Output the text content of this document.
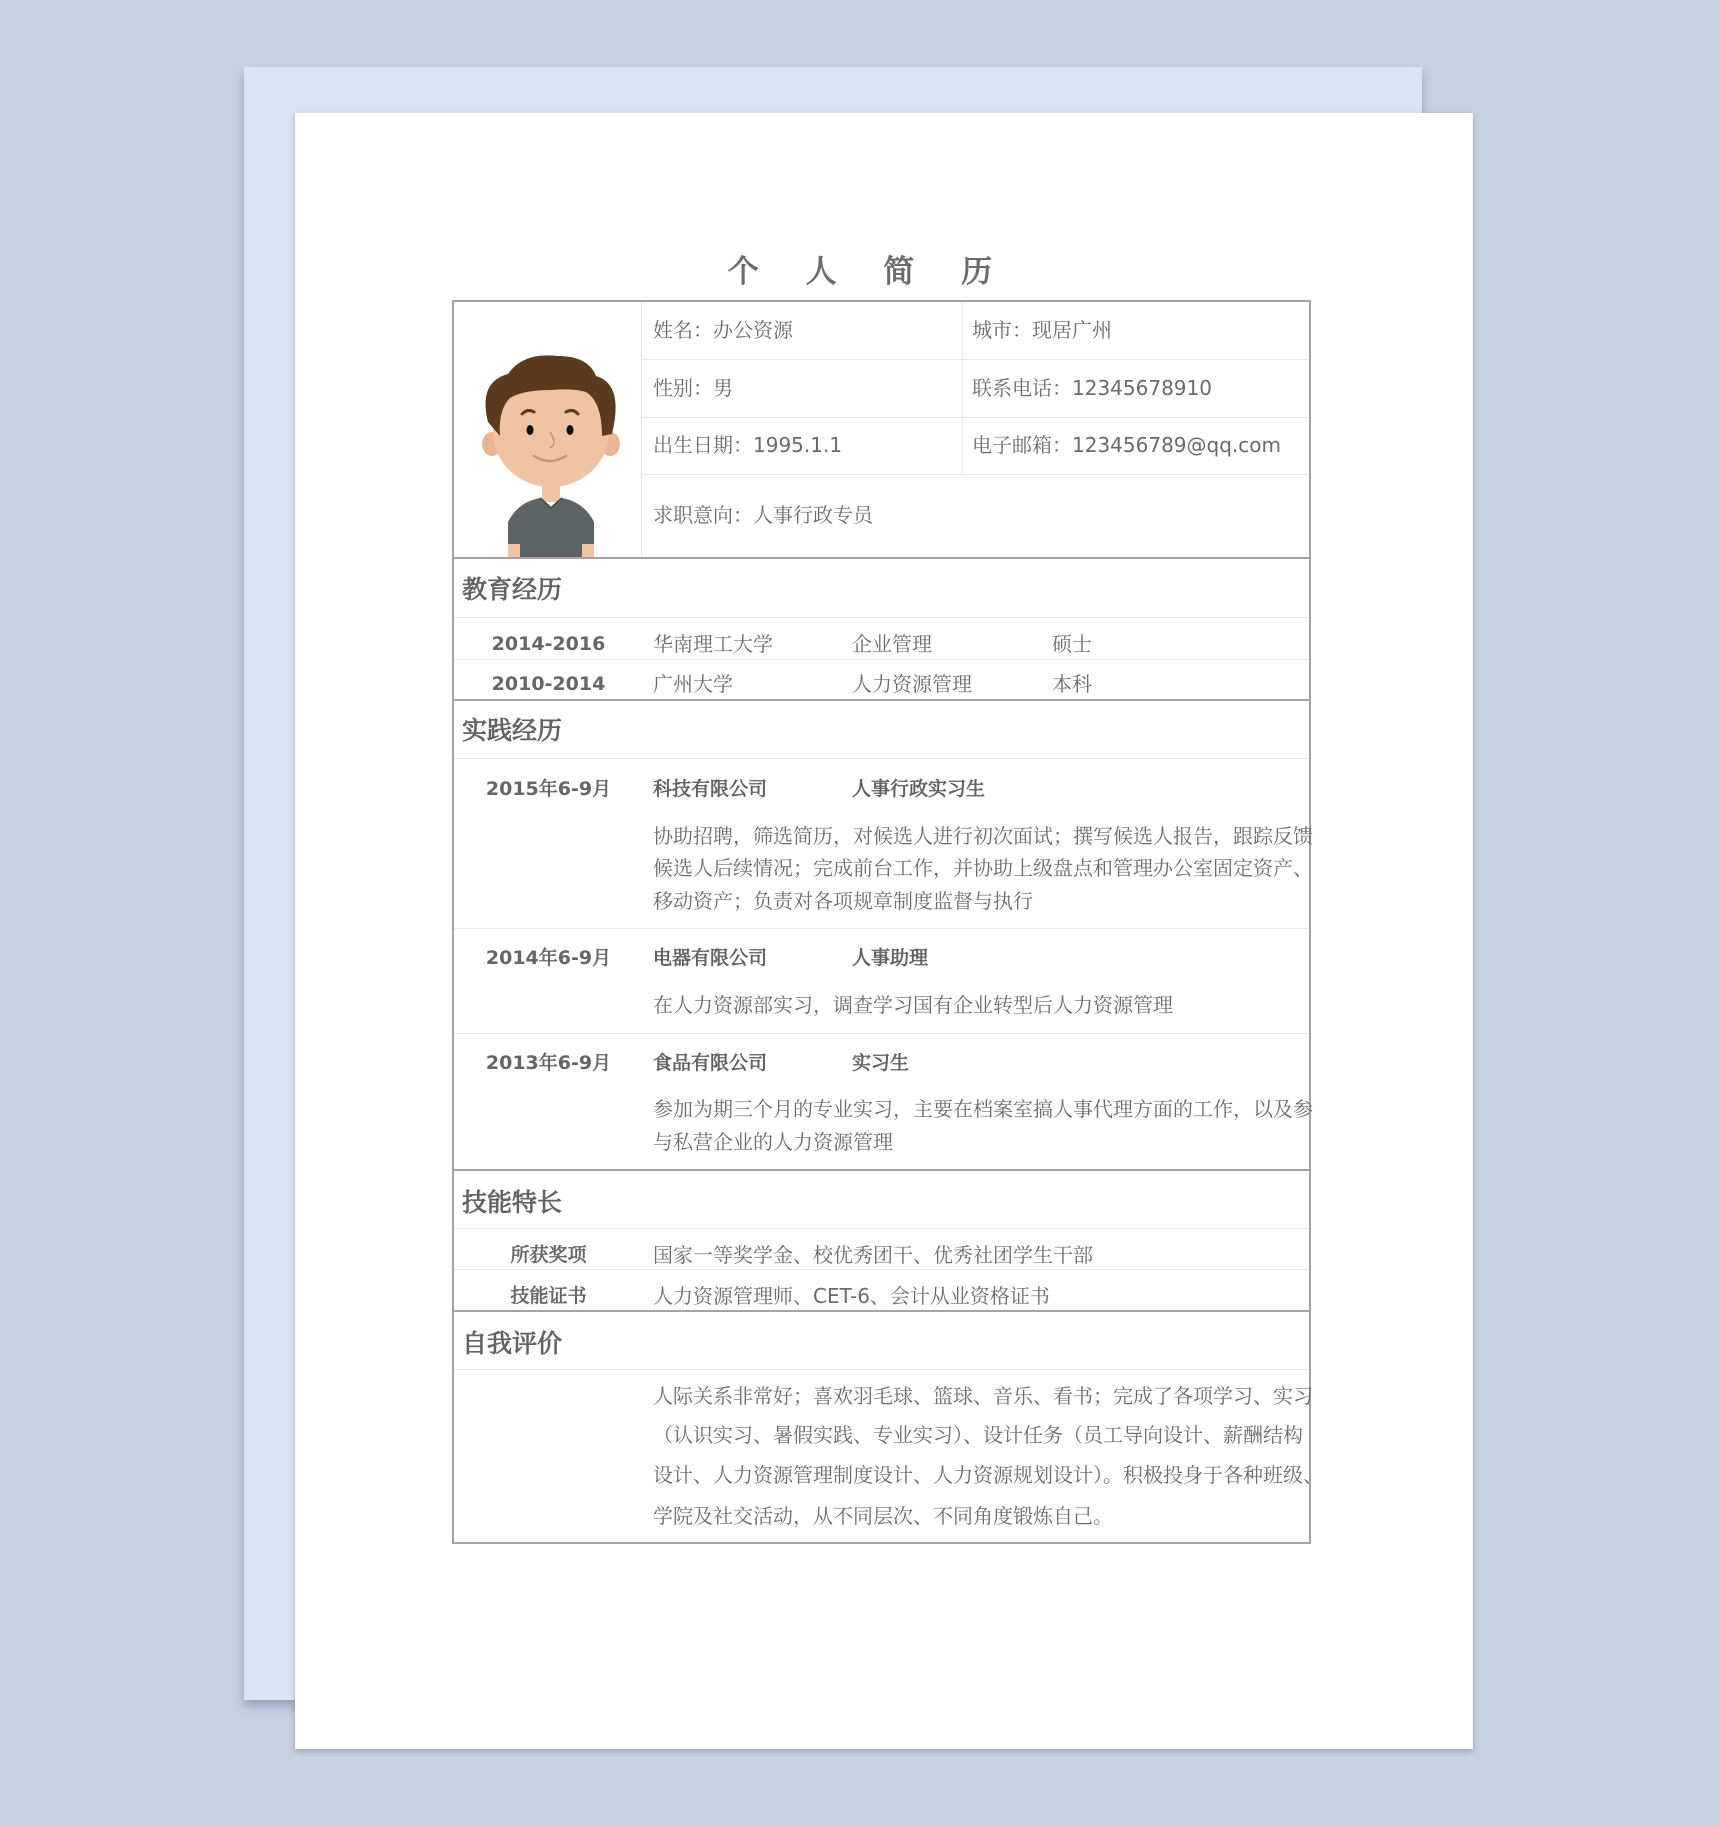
个 人 简 历
姓名：办公资源	城市：现居广州
性别：男	联系电话：12345678910
出生日期：1995.1.1	电子邮箱：123456789@qq.com
求职意向：人事行政专员
教育经历
2014-2016	华南理工大学	企业管理	硕士
2010-2014	广州大学	人力资源管理	本科
实践经历
2015年6-9月	科技有限公司	人事行政实习生
协助招聘，筛选简历，对候选人进行初次面试；撰写候选人报告，跟踪反馈
候选人后续情况；完成前台工作，并协助上级盘点和管理办公室固定资产、
移动资产；负责对各项规章制度监督与执行
2014年6-9月	电器有限公司	人事助理
在人力资源部实习，调查学习国有企业转型后人力资源管理
2013年6-9月	食品有限公司	实习生
参加为期三个月的专业实习，主要在档案室搞人事代理方面的工作，以及参
与私营企业的人力资源管理
技能特长
所获奖项	国家一等奖学金、校优秀团干、优秀社团学生干部
技能证书	人力资源管理师、CET-6、会计从业资格证书
自我评价
人际关系非常好；喜欢羽毛球、篮球、音乐、看书；完成了各项学习、实习
（认识实习、暑假实践、专业实习）、设计任务（员工导向设计、薪酬结构
设计、人力资源管理制度设计、人力资源规划设计）。积极投身于各种班级、
学院及社交活动，从不同层次、不同角度锻炼自己。
